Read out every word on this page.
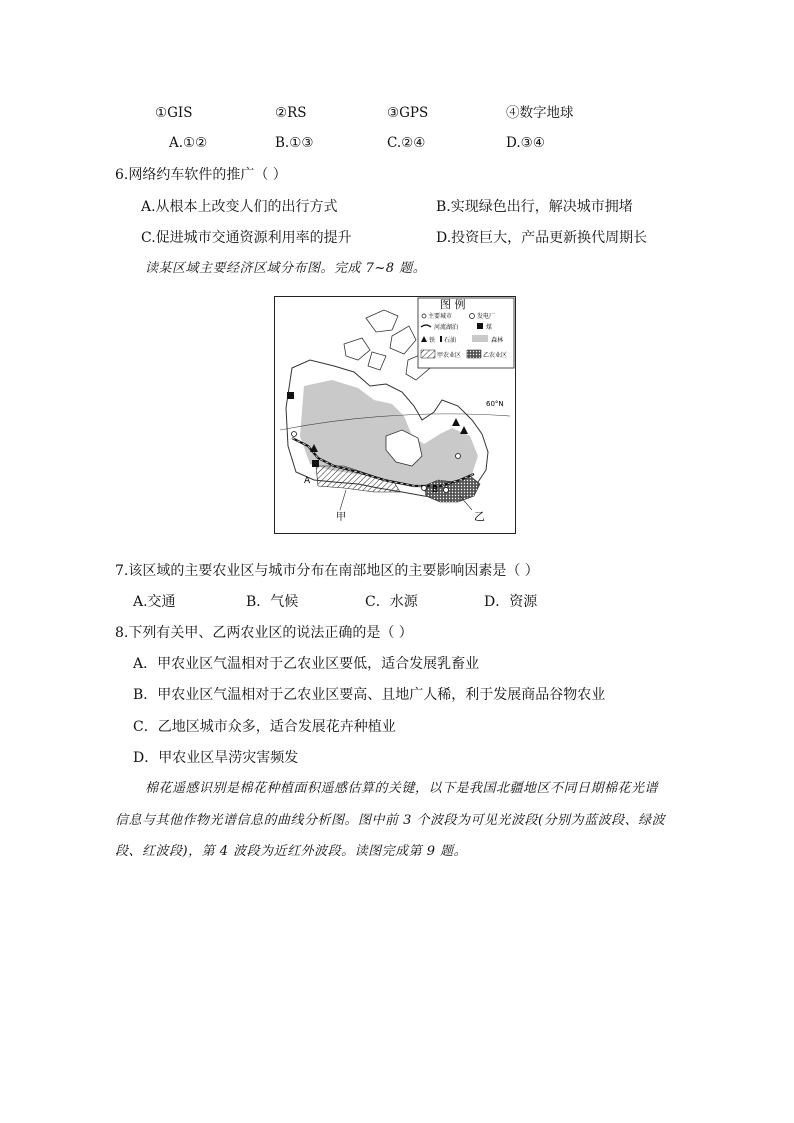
①GIS	②RS	③GPS	④数字地球
A.①②	B.①③	C.②④	D.③④
6.网络约车软件的推广（ ）
A.从根本上改变人们的出行方式	B.实现绿色出行，解决城市拥堵
C.促进城市交通资源利用率的提升	D.投资巨大，产品更新换代周期长
读某区域主要经济区域分布图。完成 7~8 题。
60°N
A
B
甲	乙
图 例
主要城市	发电厂
河流湖泊	煤
铁 石油	森林
甲农业区	乙农业区
7.该区域的主要农业区与城市分布在南部地区的主要影响因素是（ ）
A.交通	B．气候	C．水源	D．资源
8.下列有关甲、乙两农业区的说法正确的是（ ）
A．甲农业区气温相对于乙农业区要低，适合发展乳畜业
B．甲农业区气温相对于乙农业区要高、且地广人稀，利于发展商品谷物农业
C．乙地区城市众多，适合发展花卉种植业
D．甲农业区旱涝灾害频发
棉花遥感识别是棉花种植面积遥感估算的关键，以下是我国北疆地区不同日期棉花光谱
信息与其他作物光谱信息的曲线分析图。图中前 3 个波段为可见光波段(分别为蓝波段、绿波
段、红波段)，第 4 波段为近红外波段。读图完成第 9 题。
